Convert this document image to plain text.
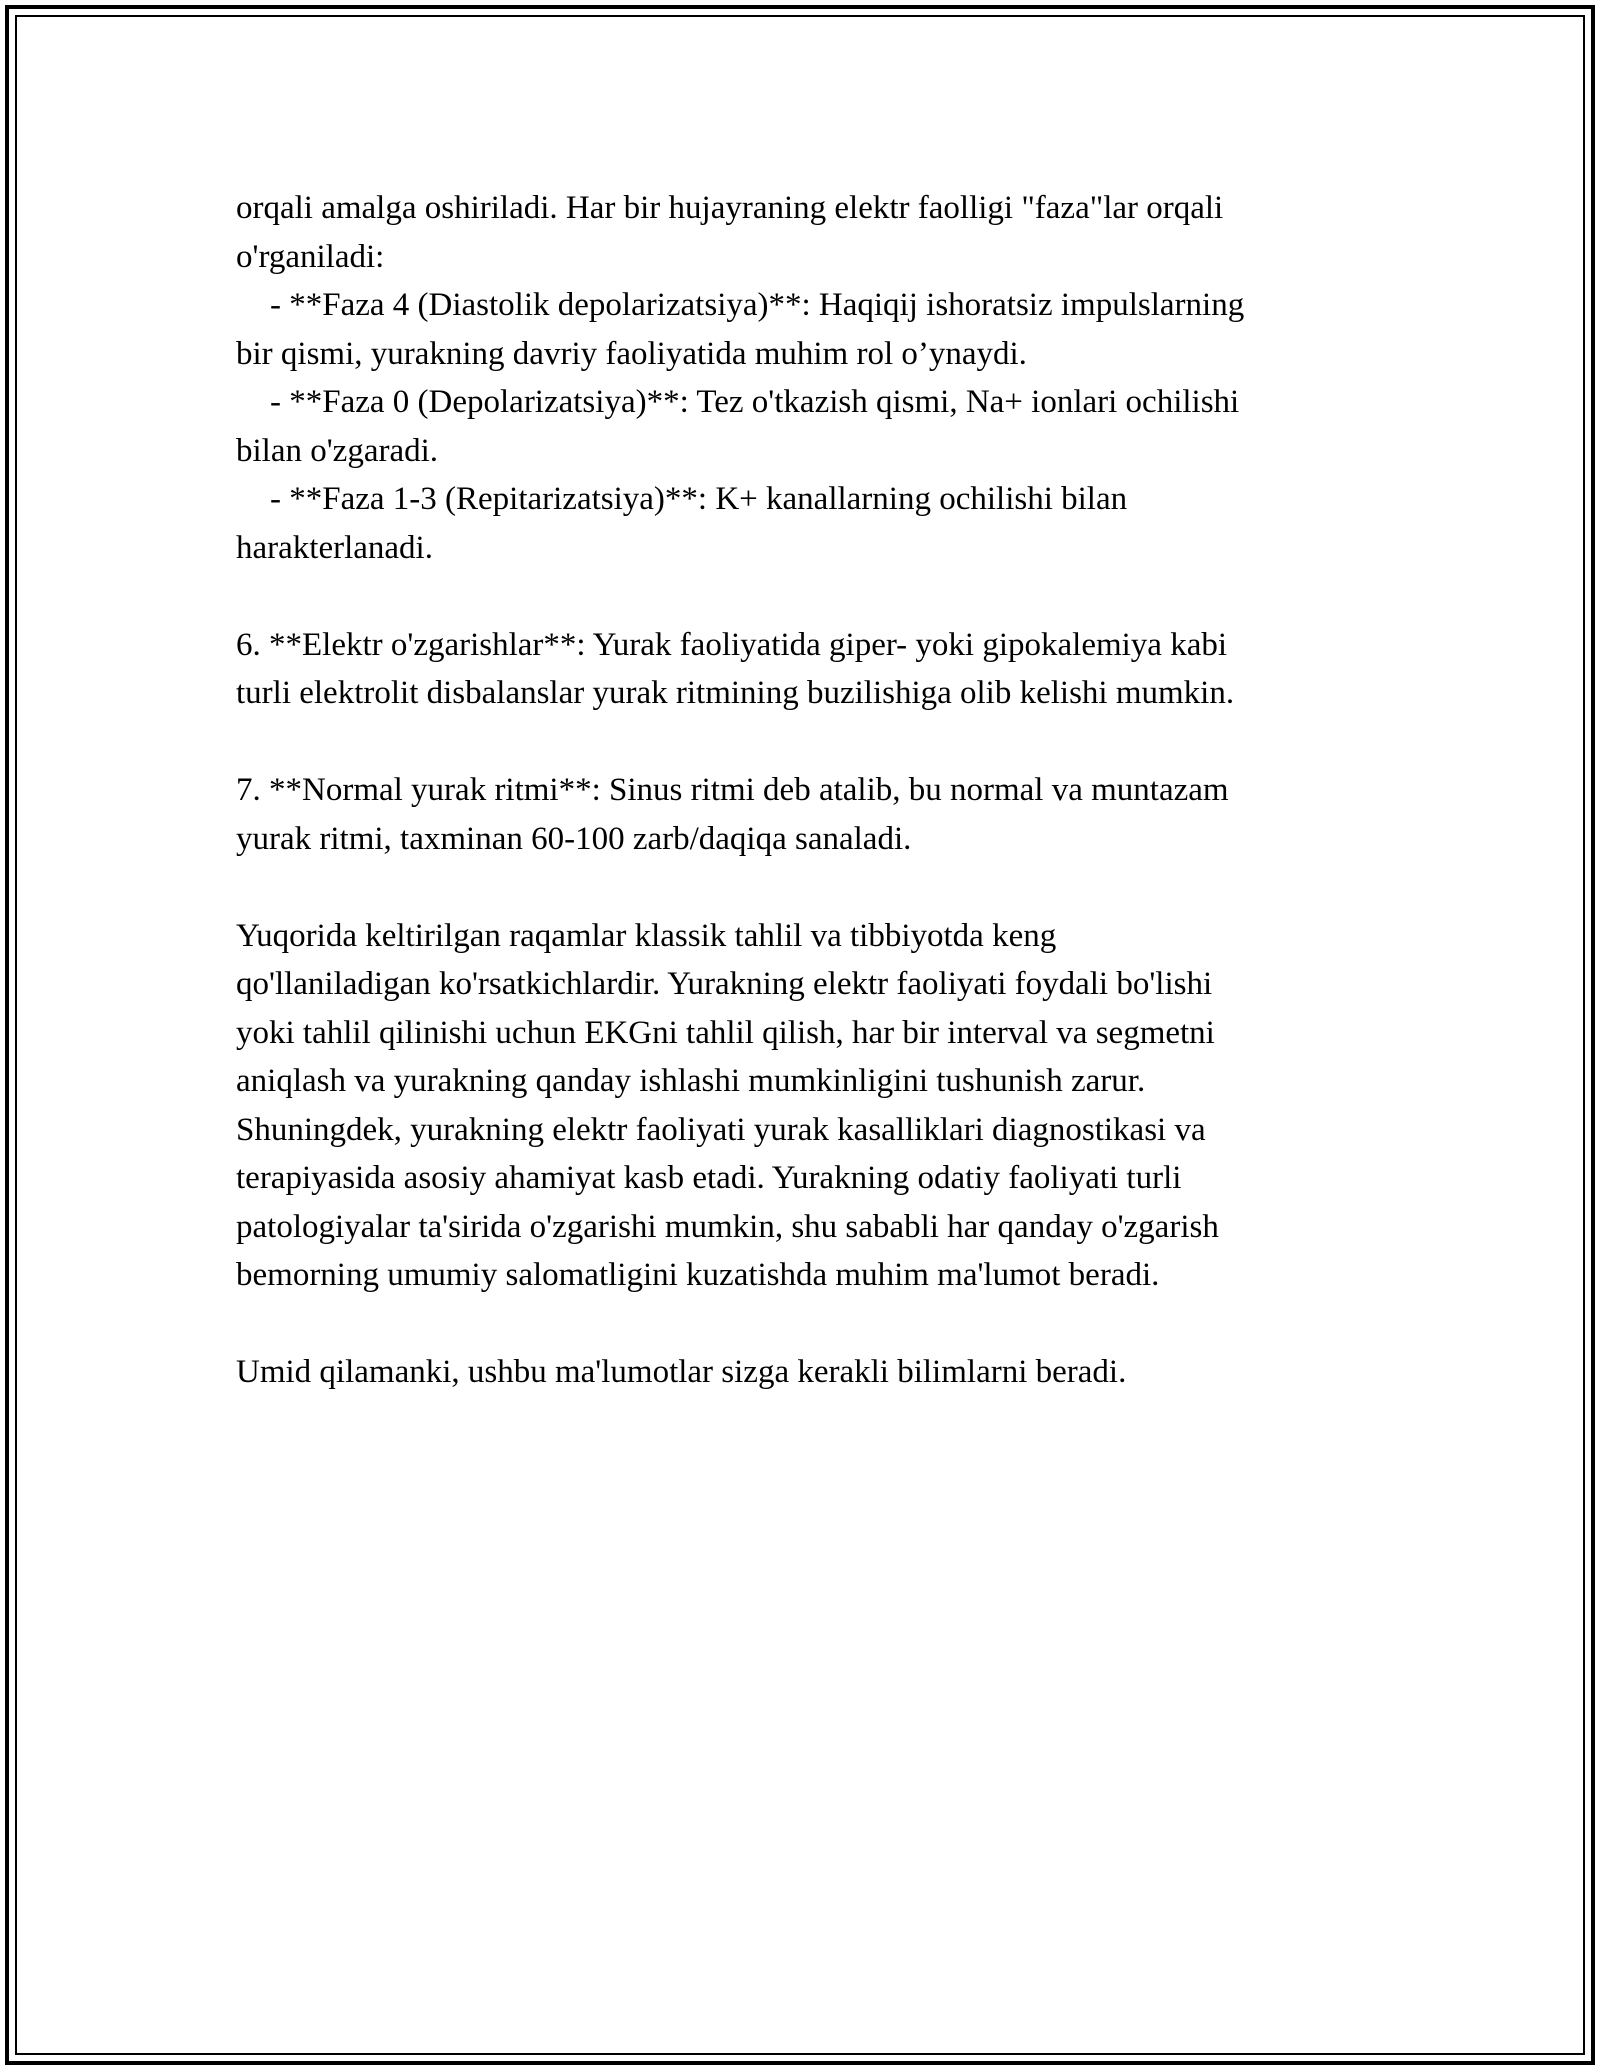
orqali amalga oshiriladi. Har bir hujayraning elektr faolligi "faza"lar orqali
o'rganiladi:
- **Faza 4 (Diastolik depolarizatsiya)**: Haqiqij ishoratsiz impulslarning
bir qismi, yurakning davriy faoliyatida muhim rol o’ynaydi.
- **Faza 0 (Depolarizatsiya)**: Tez o'tkazish qismi, Na+ ionlari ochilishi
bilan o'zgaradi.
- **Faza 1-3 (Repitarizatsiya)**: K+ kanallarning ochilishi bilan
harakterlanadi.
6. **Elektr o'zgarishlar**: Yurak faoliyatida giper- yoki gipokalemiya kabi
turli elektrolit disbalanslar yurak ritmining buzilishiga olib kelishi mumkin.
7. **Normal yurak ritmi**: Sinus ritmi deb atalib, bu normal va muntazam
yurak ritmi, taxminan 60-100 zarb/daqiqa sanaladi.
Yuqorida keltirilgan raqamlar klassik tahlil va tibbiyotda keng
qo'llaniladigan ko'rsatkichlardir. Yurakning elektr faoliyati foydali bo'lishi
yoki tahlil qilinishi uchun EKGni tahlil qilish, har bir interval va segmetni
aniqlash va yurakning qanday ishlashi mumkinligini tushunish zarur.
Shuningdek, yurakning elektr faoliyati yurak kasalliklari diagnostikasi va
terapiyasida asosiy ahamiyat kasb etadi. Yurakning odatiy faoliyati turli
patologiyalar ta'sirida o'zgarishi mumkin, shu sababli har qanday o'zgarish
bemorning umumiy salomatligini kuzatishda muhim ma'lumot beradi.
Umid qilamanki, ushbu ma'lumotlar sizga kerakli bilimlarni beradi.
